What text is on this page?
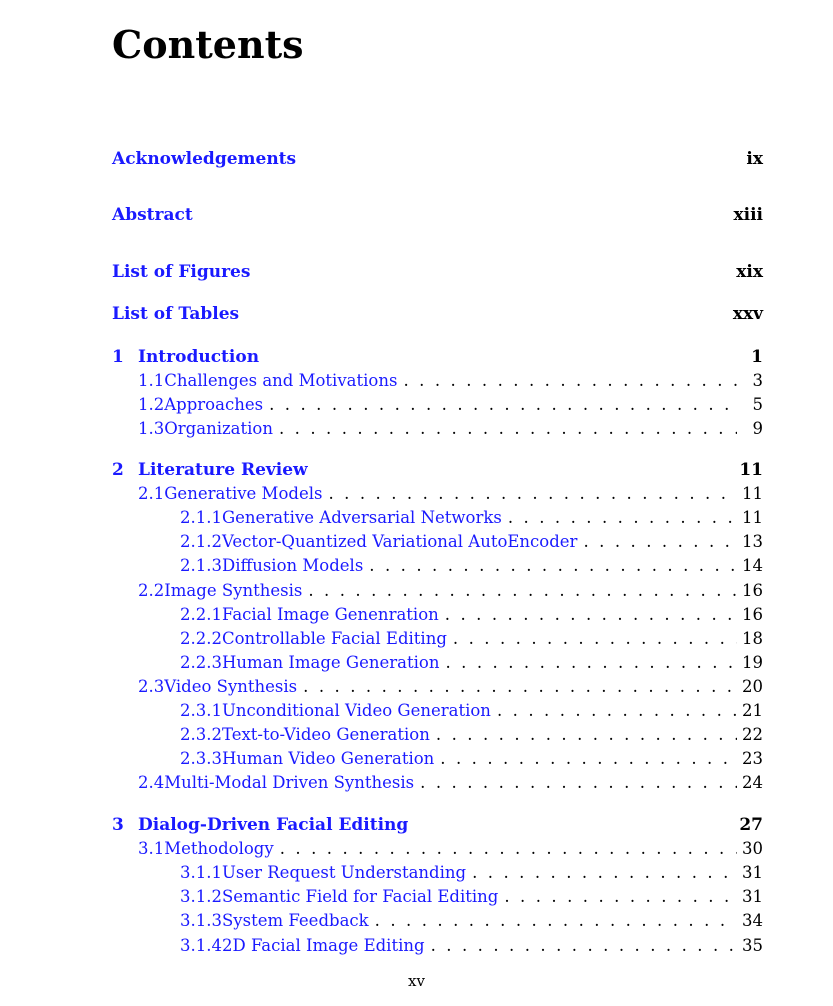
Contents
Acknowledgements	ix
Abstract	xiii
List of Figures	xix
List of Tables	xxv
1 Introduction	1
1.1 Challenges and Motivations . . .	3
1.2 Approaches . . .	5
1.3 Organization . . .	9
2 Literature Review	11
2.1 Generative Models . . .	11
2.1.1 Generative Adversarial Networks . . .	11
2.1.2 Vector-Quantized Variational AutoEncoder . . .	13
2.1.3 Diffusion Models . . .	14
2.2 Image Synthesis . . .	16
2.2.1 Facial Image Genenration . . .	16
2.2.2 Controllable Facial Editing . . .	18
2.2.3 Human Image Generation . . .	19
2.3 Video Synthesis . . .	20
2.3.1 Unconditional Video Generation . . .	21
2.3.2 Text-to-Video Generation . . .	22
2.3.3 Human Video Generation . . .	23
2.4 Multi-Modal Driven Synthesis . . .	24
3 Dialog-Driven Facial Editing	27
3.1 Methodology . . .	30
3.1.1 User Request Understanding . . .	31
3.1.2 Semantic Field for Facial Editing . . .	31
3.1.3 System Feedback . . .	34
3.1.4 2D Facial Image Editing . . .	35
xv
